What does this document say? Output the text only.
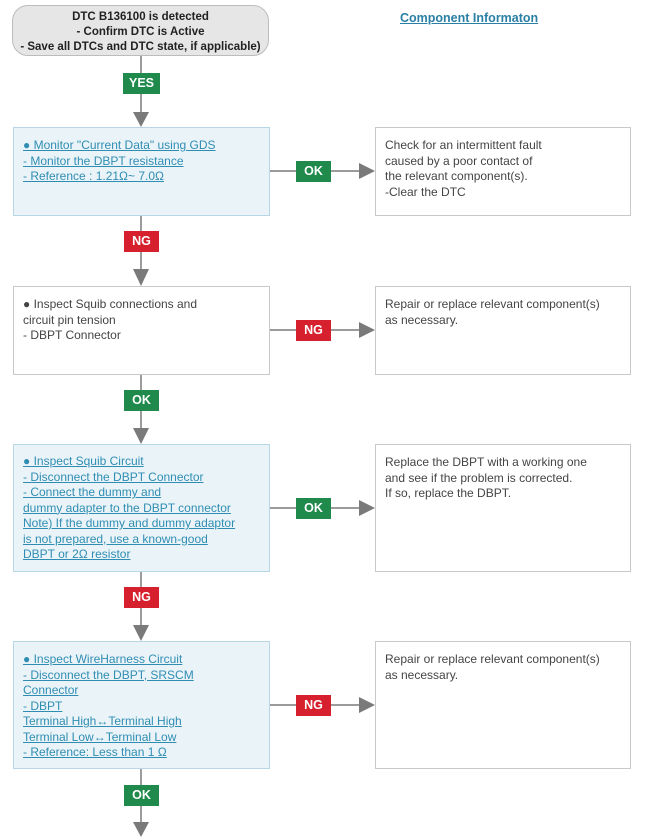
DTC B136100 is detected
- Confirm DTC is Active
- Save all DTCs and DTC state, if applicable)
Component Informaton
YES
● Monitor "Current Data" using GDS
- Monitor the DBPT resistance
- Reference : 1.21Ω~ 7.0Ω	OK
Check for an intermittent fault
caused by a poor contact of
the relevant component(s).
-Clear the DTC
NG
● Inspect Squib connections and
circuit pin tension
- DBPT Connector	NG
Repair or replace relevant component(s)
as necessary.
OK
● Inspect Squib Circuit
- Disconnect the DBPT Connector
- Connect the dummy and
dummy adapter to the DBPT connector
Note) If the dummy and dummy adaptor
is not prepared, use a known-good
DBPT or 2Ω resistor
OK
Replace the DBPT with a working one
and see if the problem is corrected.
If so, replace the DBPT.
NG
● Inspect WireHarness Circuit
- Disconnect the DBPT, SRSCM
Connector
- DBPT
Terminal High↔Terminal High
Terminal Low↔Terminal Low
- Reference: Less than 1 Ω
NG
Repair or replace relevant component(s)
as necessary.
OK
